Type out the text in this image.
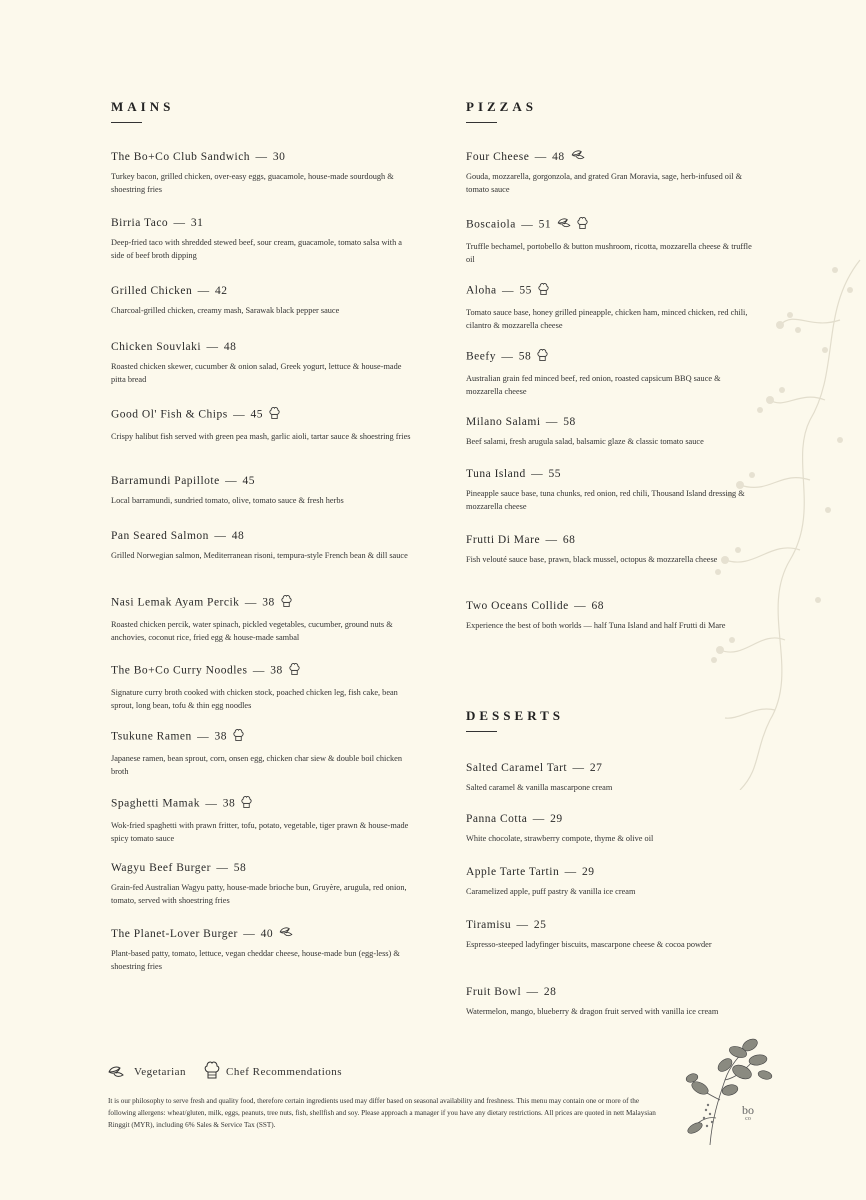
MAINS
The Bo+Co Club Sandwich — 30
Turkey bacon, grilled chicken, over-easy eggs, guacamole, house-made sourdough & shoestring fries
Birria Taco — 31
Deep-fried taco with shredded stewed beef, sour cream, guacamole, tomato salsa with a side of beef broth dipping
Grilled Chicken — 42
Charcoal-grilled chicken, creamy mash, Sarawak black pepper sauce
Chicken Souvlaki — 48
Roasted chicken skewer, cucumber & onion salad, Greek yogurt, lettuce & house-made pitta bread
Good Ol' Fish & Chips — 45
Crispy halibut fish served with green pea mash, garlic aioli, tartar sauce & shoestring fries
Barramundi Papillote — 45
Local barramundi, sundried tomato, olive, tomato sauce & fresh herbs
Pan Seared Salmon — 48
Grilled Norwegian salmon, Mediterranean risoni, tempura-style French bean & dill sauce
Nasi Lemak Ayam Percik — 38
Roasted chicken percik, water spinach, pickled vegetables, cucumber, ground nuts & anchovies, coconut rice, fried egg & house-made sambal
The Bo+Co Curry Noodles — 38
Signature curry broth cooked with chicken stock, poached chicken leg, fish cake, bean sprout, long bean, tofu & thin egg noodles
Tsukune Ramen — 38
Japanese ramen, bean sprout, corn, onsen egg, chicken char siew & double boil chicken broth
Spaghetti Mamak — 38
Wok-fried spaghetti with prawn fritter, tofu, potato, vegetable, tiger prawn & house-made spicy tomato sauce
Wagyu Beef Burger — 58
Grain-fed Australian Wagyu patty, house-made brioche bun, Gruyère, arugula, red onion, tomato, served with shoestring fries
The Planet-Lover Burger — 40
Plant-based patty, tomato, lettuce, vegan cheddar cheese, house-made bun (egg-less) & shoestring fries
PIZZAS
Four Cheese — 48
Gouda, mozzarella, gorgonzola, and grated Gran Moravia, sage, herb-infused oil & tomato sauce
Boscaiola — 51
Truffle bechamel, portobello & button mushroom, ricotta, mozzarella cheese & truffle oil
Aloha — 55
Tomato sauce base, honey grilled pineapple, chicken ham, minced chicken, red chili, cilantro & mozzarella cheese
Beefy — 58
Australian grain fed minced beef, red onion, roasted capsicum BBQ sauce & mozzarella cheese
Milano Salami — 58
Beef salami, fresh arugula salad, balsamic glaze & classic tomato sauce
Tuna Island — 55
Pineapple sauce base, tuna chunks, red onion, red chili, Thousand Island dressing & mozzarella cheese
Frutti Di Mare — 68
Fish velouté sauce base, prawn, black mussel, octopus & mozzarella cheese
Two Oceans Collide — 68
Experience the best of both worlds — half Tuna Island and half Frutti di Mare
DESSERTS
Salted Caramel Tart — 27
Salted caramel & vanilla mascarpone cream
Panna Cotta — 29
White chocolate, strawberry compote, thyme & olive oil
Apple Tarte Tartin — 29
Caramelized apple, puff pastry & vanilla ice cream
Tiramisu — 25
Espresso-steeped ladyfinger biscuits, mascarpone cheese & cocoa powder
Fruit Bowl — 28
Watermelon, mango, blueberry & dragon fruit served with vanilla ice cream
Vegetarian	Chef Recommendations
It is our philosophy to serve fresh and quality food, therefore certain ingredients used may differ based on seasonal availability and freshness. This menu may contain one or more of the following allergens: wheat/gluten, milk, eggs, peanuts, tree nuts, fish, shellfish and soy. Please approach a manager if you have any dietary restrictions. All prices are quoted in nett Malaysian Ringgit (MYR), including 6% Sales & Service Tax (SST).
bo
co
